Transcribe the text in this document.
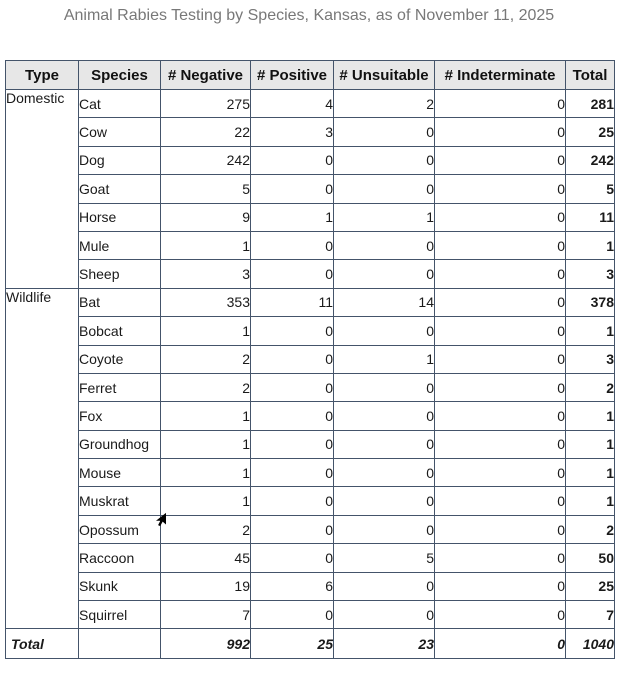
Animal Rabies Testing by Species, Kansas, as of November 11, 2025
Type	Species	# Negative	# Positive	# Unsuitable	# Indeterminate	Total
Domestic	Cat	275	4	2	0	281
	Cow	22	3	0	0	25
	Dog	242	0	0	0	242
	Goat	5	0	0	0	5
	Horse	9	1	1	0	11
	Mule	1	0	0	0	1
	Sheep	3	0	0	0	3
Wildlife	Bat	353	11	14	0	378
	Bobcat	1	0	0	0	1
	Coyote	2	0	1	0	3
	Ferret	2	0	0	0	2
	Fox	1	0	0	0	1
	Groundhog	1	0	0	0	1
	Mouse	1	0	0	0	1
	Muskrat	1	0	0	0	1
	Opossum	2	0	0	0	2
	Raccoon	45	0	5	0	50
	Skunk	19	6	0	0	25
	Squirrel	7	0	0	0	7
Total		992	25	23	0	1040
